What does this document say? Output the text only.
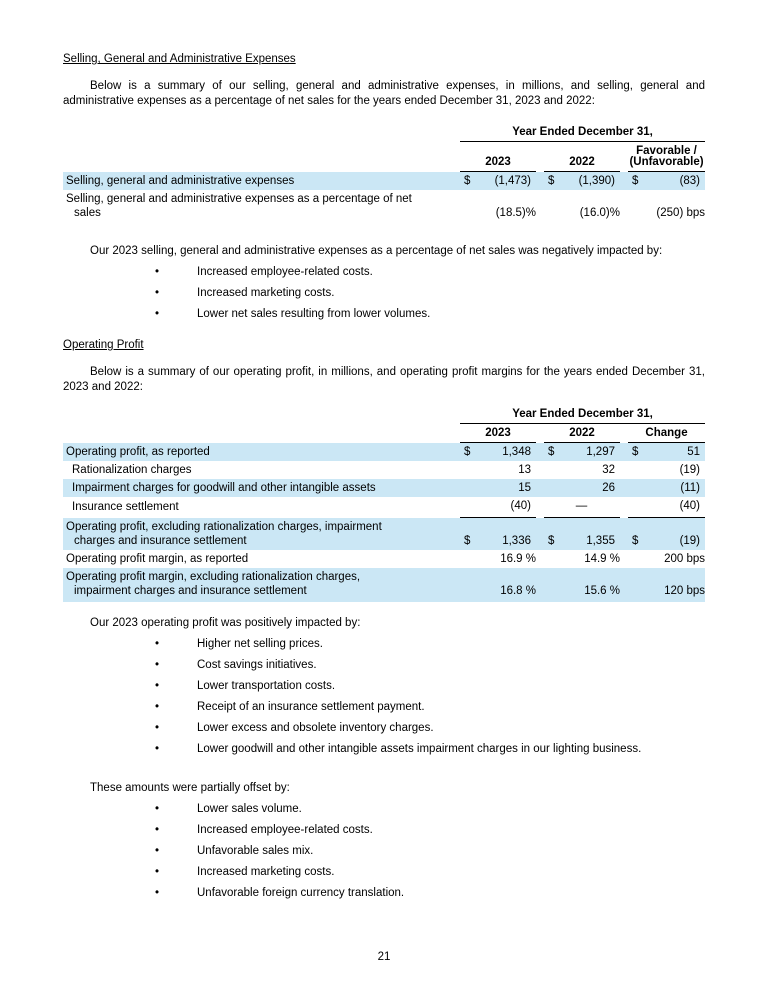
Selling, General and Administrative Expenses

Below is a summary of our selling, general and administrative expenses, in millions, and selling, general and administrative expenses as a percentage of net sales for the years ended December 31, 2023 and 2022:

	Year Ended December 31,				
	2023		2022		Favorable /
(Unfavorable)

Selling, general and administrative expenses	$ (1,473)		$ (1,390)		$ (83)

Selling, general and administrative expenses as a percentage of net
sales	(18.5)%		(16.0)%		(250) bps

Our 2023 selling, general and administrative expenses as a percentage of net sales was negatively impacted by:

•	Increased employee-related costs.
•	Increased marketing costs.
•	Lower net sales resulting from lower volumes.
Operating Profit

Below is a summary of our operating profit, in millions, and operating profit margins for the years ended December 31, 2023 and 2022:

	Year Ended December 31,				
	2023		2022		Change
Operating profit, as reported	$ 1,348		$ 1,297		$ 51

Rationalization charges	13		32		(19)
Impairment charges for goodwill and other intangible assets	15		26		(11)
Insurance settlement	(40)		—		(40)

Operating profit, excluding rationalization charges, impairment
charges and insurance settlement	$ 1,336		$ 1,355		$ (19)

Operating profit margin, as reported	16.9 %		14.9 %		200 bps

Operating profit margin, excluding rationalization charges,
impairment charges and insurance settlement	16.8 %		15.6 %		120 bps

Our 2023 operating profit was positively impacted by:

•	Higher net selling prices.
•	Cost savings initiatives.
•	Lower transportation costs.
•	Receipt of an insurance settlement payment.
•	Lower excess and obsolete inventory charges.
•	Lower goodwill and other intangible assets impairment charges in our lighting business.

These amounts were partially offset by:

•	Lower sales volume.
•	Increased employee-related costs.
•	Unfavorable sales mix.
•	Increased marketing costs.
•	Unfavorable foreign currency translation.
21
